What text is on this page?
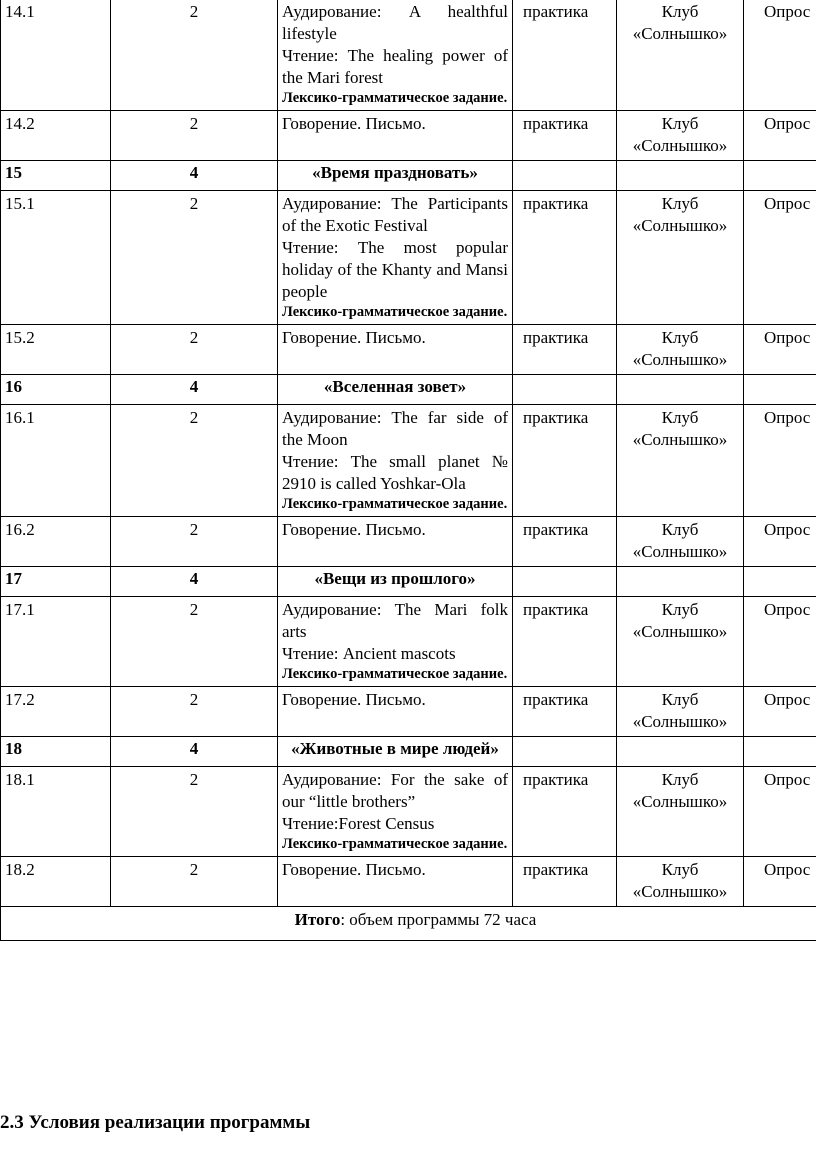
14.1	2	Аудирование: A healthful lifestyle
Чтение: The healing power of the Mari forest
Лексико-грамматическое задание.	практика	Клуб «Солнышко»	Опрос
14.2	2	Говорение. Письмо.	практика	Клуб «Солнышко»	Опрос
15	4	«Время праздновать»			
15.1	2	Аудирование: The Participants of the Exotic Festival
Чтение: The most popular holiday of the Khanty and Mansi people
Лексико-грамматическое задание.	практика	Клуб «Солнышко»	Опрос
15.2	2	Говорение. Письмо.	практика	Клуб «Солнышко»	Опрос
16	4	«Вселенная зовет»			
16.1	2	Аудирование: The far side of the Moon
Чтение: The small planet № 2910 is called Yoshkar-Ola
Лексико-грамматическое задание.	практика	Клуб «Солнышко»	Опрос
16.2	2	Говорение. Письмо.	практика	Клуб «Солнышко»	Опрос
17	4	«Вещи из прошлого»			
17.1	2	Аудирование: The Mari folk arts
Чтение: Ancient mascots
Лексико-грамматическое задание.	практика	Клуб «Солнышко»	Опрос
17.2	2	Говорение. Письмо.	практика	Клуб «Солнышко»	Опрос
18	4	«Животные в мире людей»			
18.1	2	Аудирование: For the sake of our “little brothers”
Чтение:Forest Census
Лексико-грамматическое задание.	практика	Клуб «Солнышко»	Опрос
18.2	2	Говорение. Письмо.	практика	Клуб «Солнышко»	Опрос
Итого: объем программы 72 часа					
2.3 Условия реализации программы
